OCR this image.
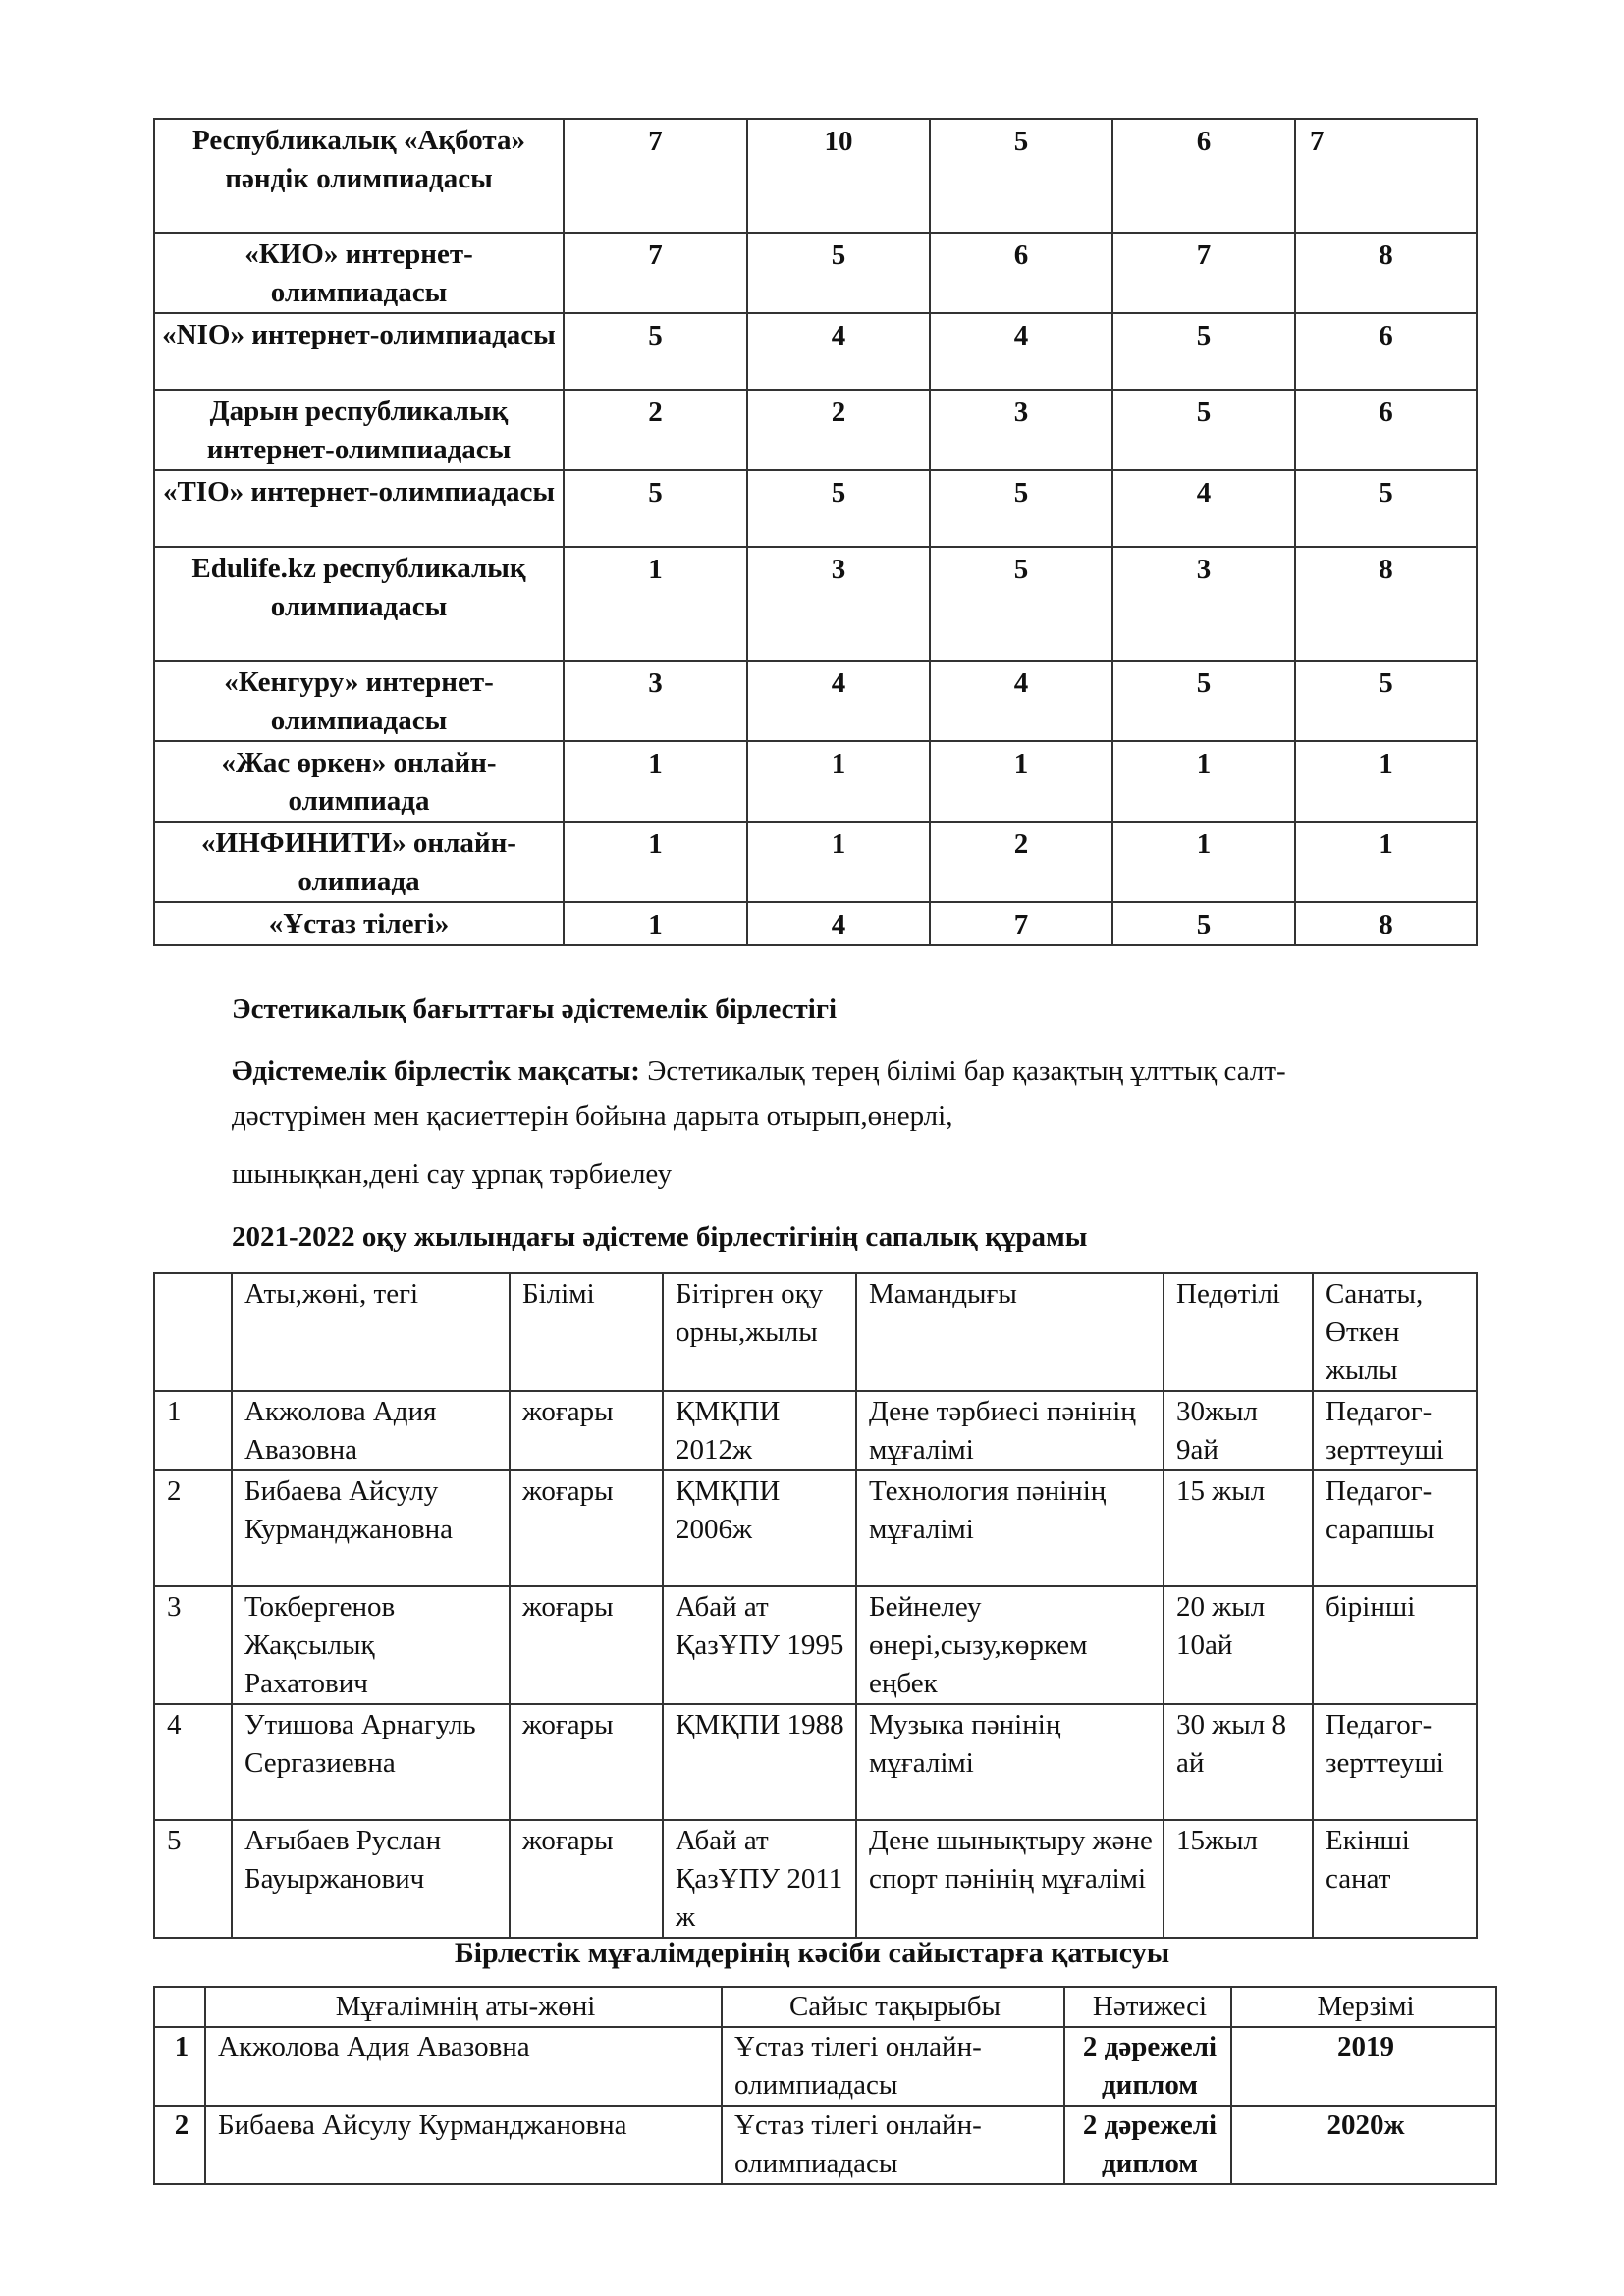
Республикалық «Ақбота» пәндік олимпиадасы	7	10	5	6	7
«КИО» интернет-олимпиадасы	7	5	6	7	8
«NIO» интернет-олимпиадасы	5	4	4	5	6
Дарын республикалық интернет-олимпиадасы	2	2	3	5	6
«ТІО» интернет-олимпиадасы	5	5	5	4	5
Edulife.kz республикалық олимпиадасы	1	3	5	3	8
«Кенгуру» интернет-олимпиадасы	3	4	4	5	5
«Жас өркен» онлайн-олимпиада	1	1	1	1	1
«ИНФИНИТИ» онлайн-олипиада	1	1	2	1	1
«Ұстаз тілегі»	1	4	7	5	8
Эстетикалық бағыттағы әдістемелік бірлестігі
Әдістемелік бірлестік мақсаты: Эстетикалық терең білімі бар қазақтың ұлттық салт-
дәстүрімен мен қасиеттерін бойына дарыта отырып,өнерлі,
шынықкан,дені сау ұрпақ тәрбиелеу
2021-2022 оқу жылындағы әдістеме бірлестігінің сапалық құрамы
	Аты,жөні, тегі	Білімі	Бітірген оқу орны,жылы	Мамандығы	Педөтілі	Санаты, Өткен жылы
1	Акжолова Адия Авазовна	жоғары	ҚМҚПИ 2012ж	Дене тәрбиесі пәнінің мұғалімі	30жыл 9ай	Педагог-зерттеуші
2	Бибаева Айсулу Курманджановна	жоғары	ҚМҚПИ 2006ж	Технология пәнінің мұғалімі	15 жыл	Педагог-сарапшы
3	Токбергенов Жақсылық Рахатович	жоғары	Абай ат ҚазҰПУ 1995	Бейнелеу өнері,сызу,көркем еңбек	20 жыл 10ай	бірінші
4	Утишова Арнагуль Сергазиевна	жоғары	ҚМҚПИ 1988	Музыка пәнінің мұғалімі	30 жыл 8 ай	Педагог-зерттеуші
5	Ағыбаев Руслан Бауыржанович	жоғары	Абай ат ҚазҰПУ 2011 ж	Дене шынықтыру және спорт пәнінің мұғалімі	15жыл	Екінші санат
Бірлестік мұғалімдерінің кәсіби сайыстарға қатысуы
	Мұғалімнің аты-жөні	Сайыс тақырыбы	Нәтижесі	Мерзімі
1	Акжолова Адия Авазовна	Ұстаз тілегі онлайн-олимпиадасы	2 дәрежелі диплом	2019
2	Бибаева Айсулу Курманджановна	Ұстаз тілегі онлайн-олимпиадасы	2 дәрежелі диплом	2020ж
